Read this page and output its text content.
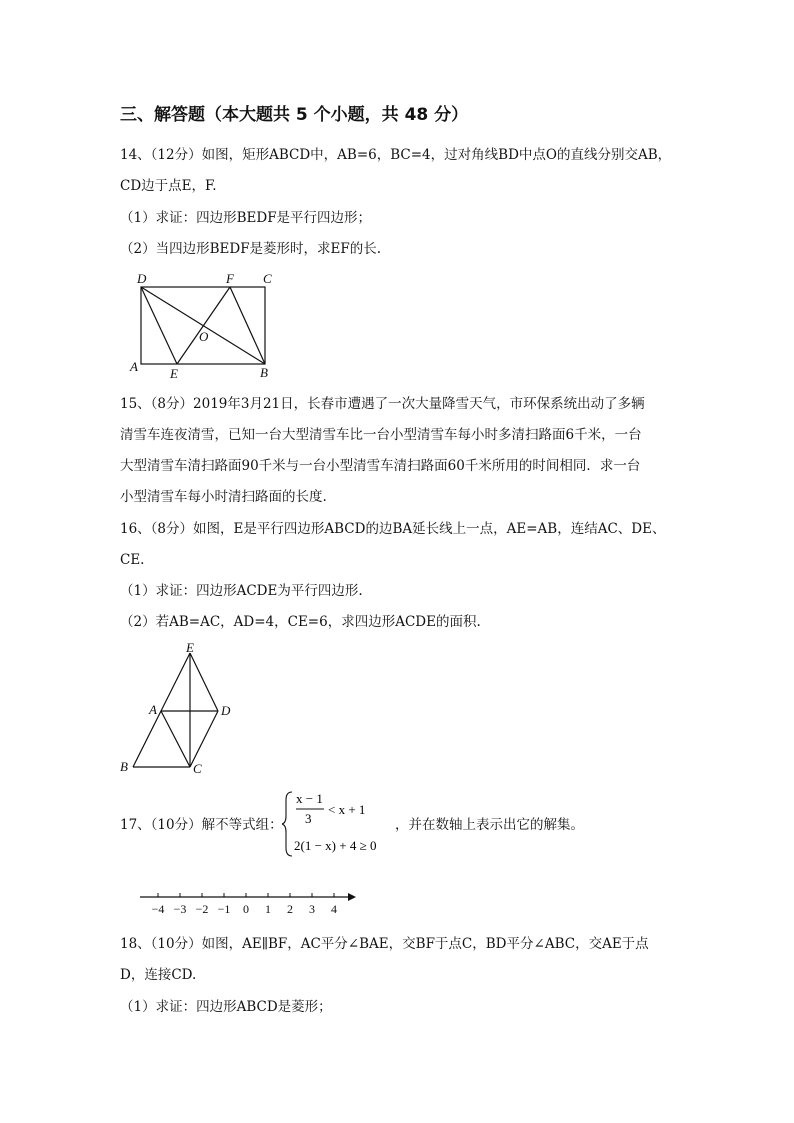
三、解答题（本大题共 5 个小题，共 48 分）
14、（12分）如图，矩形ABCD中，AB=6，BC=4，过对角线BD中点O的直线分别交AB，
CD边于点E，F.
（1）求证：四边形BEDF是平行四边形；
（2）当四边形BEDF是菱形时，求EF的长.
D	F C
O
A E	B
15、（8分）2019年3月21日，长春市遭遇了一次大量降雪天气，市环保系统出动了多辆
清雪车连夜清雪，已知一台大型清雪车比一台小型清雪车每小时多清扫路面6千米，一台
大型清雪车清扫路面90千米与一台小型清雪车清扫路面60千米所用的时间相同．求一台
小型清雪车每小时清扫路面的长度.
16、（8分）如图，E是平行四边形ABCD的边BA延长线上一点，AE=AB，连结AC、DE、
CE.
（1）求证：四边形ACDE为平行四边形.
（2）若AB=AC，AD=4，CE=6，求四边形ACDE的面积.
E
A	D
B	C
17、（10分）解不等式组：
x − 1
3
< x + 1
2(1 − x) + 4 ≥ 0
，并在数轴上表示出它的解集。
−4 −3 −2 −1 0 1 2 3 4
18、（10分）如图，AE∥BF，AC平分∠BAE，交BF于点C，BD平分∠ABC，交AE于点
D，连接CD.
（1）求证：四边形ABCD是菱形；
